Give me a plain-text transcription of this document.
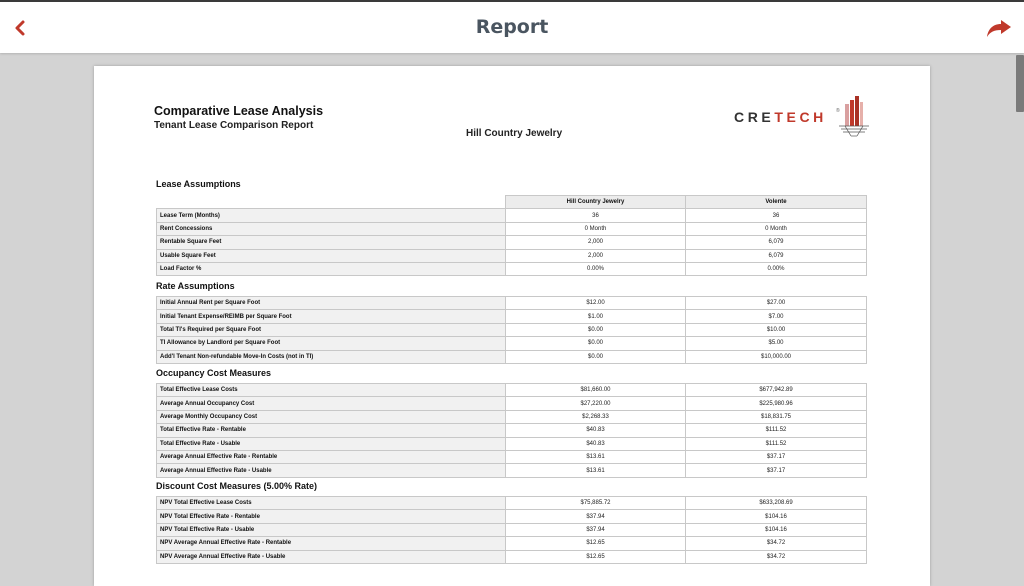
Report
Comparative Lease Analysis
Tenant Lease Comparison Report
Hill Country Jewelry
CRETECH ®
Lease Assumptions
	Hill Country Jewelry	Volente
Lease Term (Months)	36	36
Rent Concessions	0 Month	0 Month
Rentable Square Feet	2,000	6,079
Usable Square Feet	2,000	6,079
Load Factor %	0.00%	0.00%
Rate Assumptions
Initial Annual Rent per Square Foot	$12.00	$27.00
Initial Tenant Expense/REIMB per Square Foot	$1.00	$7.00
Total TI's Required per Square Foot	$0.00	$10.00
TI Allowance by Landlord per Square Foot	$0.00	$5.00
Add'l Tenant Non-refundable Move-In Costs (not in TI)	$0.00	$10,000.00
Occupancy Cost Measures
Total Effective Lease Costs	$81,660.00	$677,942.89
Average Annual Occupancy Cost	$27,220.00	$225,980.96
Average Monthly Occupancy Cost	$2,268.33	$18,831.75
Total Effective Rate - Rentable	$40.83	$111.52
Total Effective Rate - Usable	$40.83	$111.52
Average Annual Effective Rate - Rentable	$13.61	$37.17
Average Annual Effective Rate - Usable	$13.61	$37.17
Discount Cost Measures (5.00% Rate)
NPV Total Effective Lease Costs	$75,885.72	$633,208.69
NPV Total Effective Rate - Rentable	$37.94	$104.16
NPV Total Effective Rate - Usable	$37.94	$104.16
NPV Average Annual Effective Rate - Rentable	$12.65	$34.72
NPV Average Annual Effective Rate - Usable	$12.65	$34.72
